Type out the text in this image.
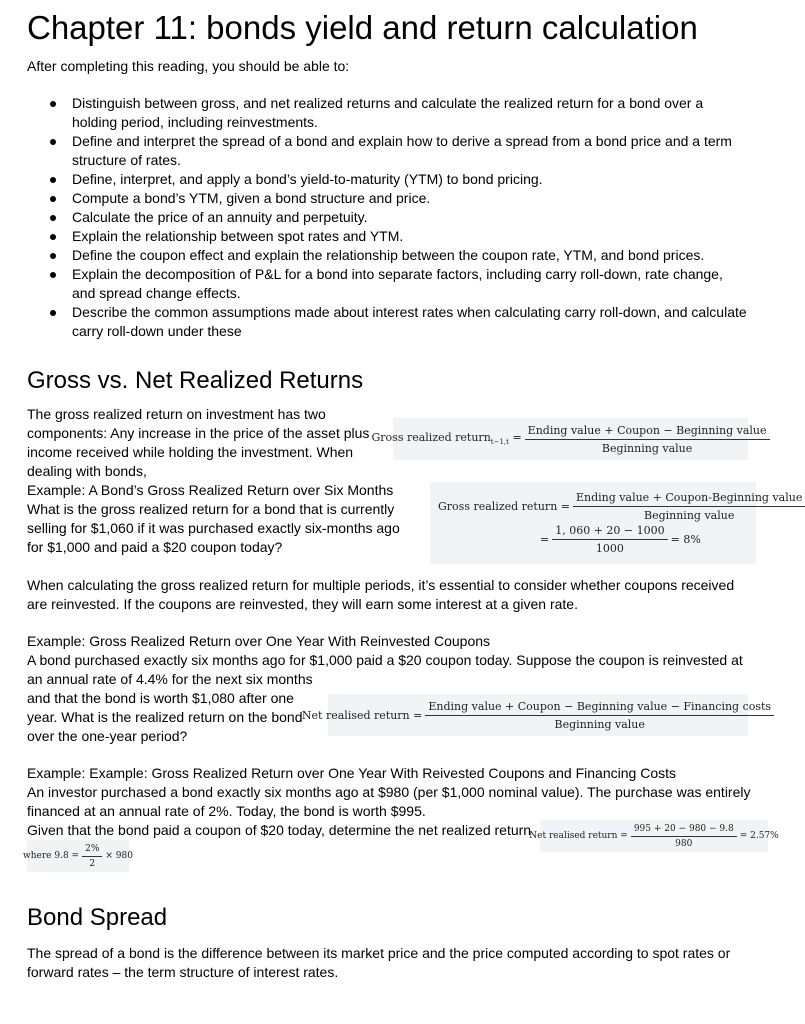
Chapter 11: bonds yield and return calculation
After completing this reading, you should be able to:
Distinguish between gross, and net realized returns and calculate the realized return for a bond over a holding period, including reinvestments.
Define and interpret the spread of a bond and explain how to derive a spread from a bond price and a term structure of rates.
Define, interpret, and apply a bond’s yield-to-maturity (YTM) to bond pricing.
Compute a bond’s YTM, given a bond structure and price.
Calculate the price of an annuity and perpetuity.
Explain the relationship between spot rates and YTM.
Define the coupon effect and explain the relationship between the coupon rate, YTM, and bond prices.
Explain the decomposition of P&L for a bond into separate factors, including carry roll-down, rate change, and spread change effects.
Describe the common assumptions made about interest rates when calculating carry roll-down, and calculate carry roll-down under these
Gross vs. Net Realized Returns
The gross realized return on investment has two components: Any increase in the price of the asset plus income received while holding the investment. When dealing with bonds,
Gross realized return$_{t-1,t}$ = $\frac{\text{Ending value + Coupon − Beginning value}}{\text{Beginning value}}$
Example: A Bond’s Gross Realized Return over Six Months
What is the gross realized return for a bond that is currently selling for $1,060 if it was purchased exactly six-months ago for $1,000 and paid a $20 coupon today?
Gross realized return = $\frac{\text{Ending value + Coupon-Beginning value}}{\text{Beginning value}}$
= $\frac{1, 060 + 20 - 1000}{1000} = 8\%$
When calculating the gross realized return for multiple periods, it’s essential to consider whether coupons received are reinvested. If the coupons are reinvested, they will earn some interest at a given rate.
Example: Gross Realized Return over One Year With Reinvested Coupons
A bond purchased exactly six months ago for $1,000 paid a $20 coupon today. Suppose the coupon is reinvested at
an annual rate of 4.4% for the next six months
and that the bond is worth $1,080 after one
year. What is the realized return on the bond
over the one-year period?
Net realised return = $\frac{\text{Ending value + Coupon − Beginning value − Financing costs}}{\text{Beginning value}}$
Example: Example: Gross Realized Return over One Year With Reivested Coupons and Financing Costs
An investor purchased a bond exactly six months ago at $980 (per $1,000 nominal value). The purchase was entirely
financed at an annual rate of 2%. Today, the bond is worth $995.
Given that the bond paid a coupon of $20 today, determine the net realized return
Net realised return = $\frac{995 + 20 - 980 - 9.8}{980} = 2.57\%$
where $9.8 = \frac{2\%}{2} \times 980$
Bond Spread
The spread of a bond is the difference between its market price and the price computed according to spot rates or forward rates – the term structure of interest rates.
